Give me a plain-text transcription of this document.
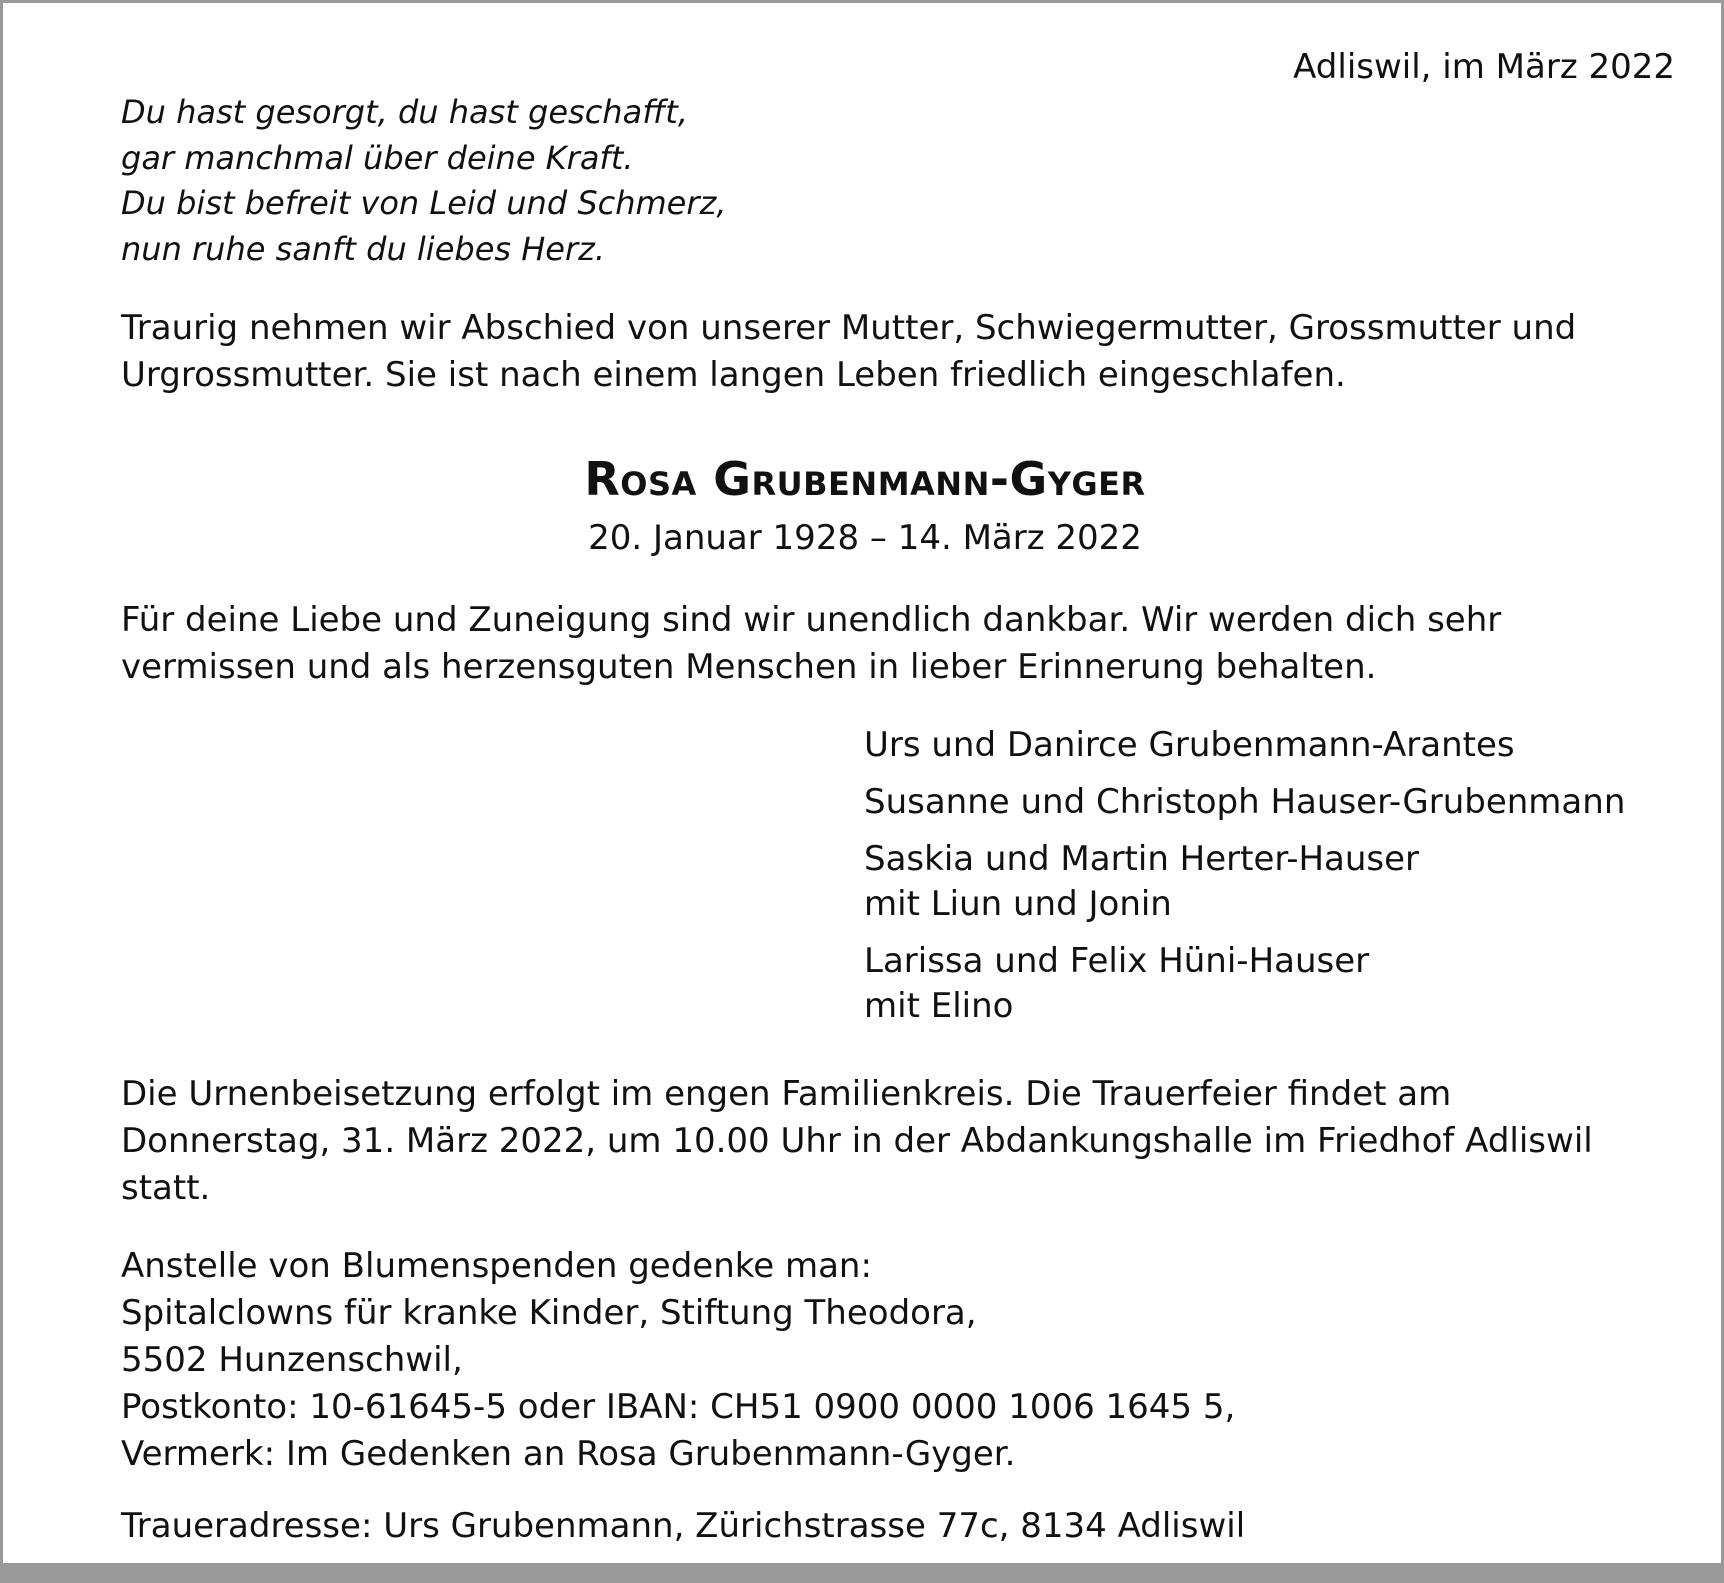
Adliswil, im März 2022
Du hast gesorgt, du hast geschafft,
gar manchmal über deine Kraft.
Du bist befreit von Leid und Schmerz,
nun ruhe sanft du liebes Herz.
Traurig nehmen wir Abschied von unserer Mutter, Schwiegermutter, Grossmutter und
Urgrossmutter. Sie ist nach einem langen Leben friedlich eingeschlafen.
Rosa Grubenmann-Gyger
20. Januar 1928 – 14. März 2022
Für deine Liebe und Zuneigung sind wir unendlich dankbar. Wir werden dich sehr
vermissen und als herzensguten Menschen in lieber Erinnerung behalten.
Urs und Danirce Grubenmann-Arantes
Susanne und Christoph Hauser-Grubenmann
Saskia und Martin Herter-Hauser
mit Liun und Jonin
Larissa und Felix Hüni-Hauser
mit Elino
Die Urnenbeisetzung erfolgt im engen Familienkreis. Die Trauerfeier findet am
Donnerstag, 31. März 2022, um 10.00 Uhr in der Abdankungshalle im Friedhof Adliswil
statt.
Anstelle von Blumenspenden gedenke man:
Spitalclowns für kranke Kinder, Stiftung Theodora,
5502 Hunzenschwil,
Postkonto: 10-61645-5 oder IBAN: CH51 0900 0000 1006 1645 5,
Vermerk: Im Gedenken an Rosa Grubenmann-Gyger.
Traueradresse: Urs Grubenmann, Zürichstrasse 77c, 8134 Adliswil
